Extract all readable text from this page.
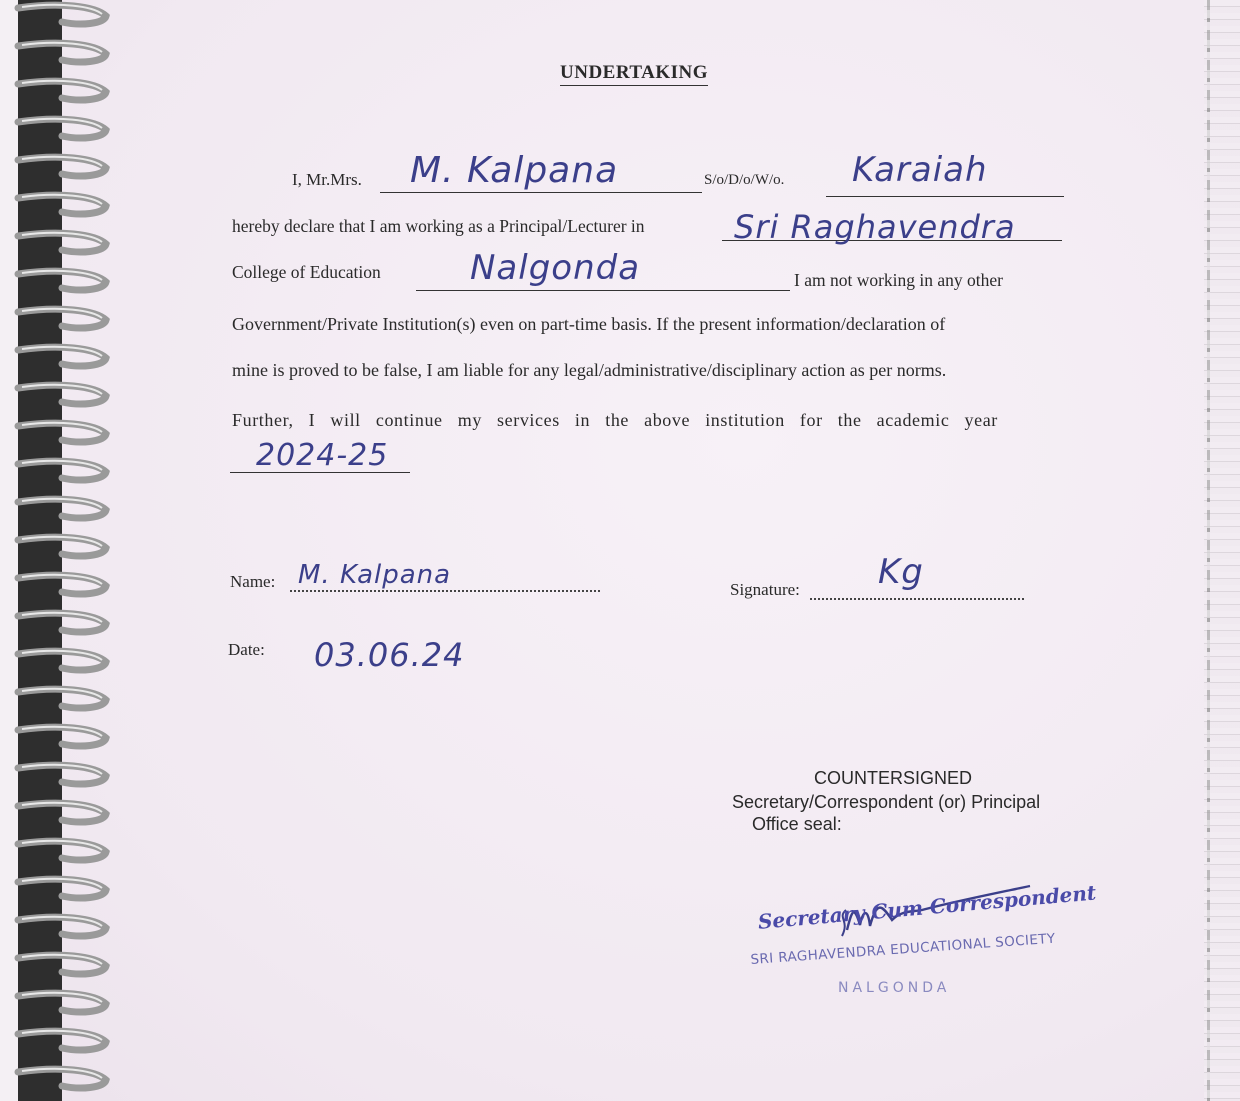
UNDERTAKING
I, Mr.Mrs. M. Kalpana	S/o/D/o/W/o. Karaiah
hereby declare that I am working as a Principal/Lecturer in	Sri Raghavendra
College of Education	Nalgonda	I am not working in any other
Government/Private Institution(s) even on part-time basis. If the present information/declaration of
mine is proved to be false, I am liable for any legal/administrative/disciplinary action as per norms.
Further, I will continue my services in the above institution for the academic year
2024-25
Name: M. Kalpana	Signature: Kg
Date: 03.06.24
COUNTERSIGNED
Secretary/Correspondent (or) Principal
Office seal:
Secretary Cum Correspondent
SRI RAGHAVENDRA EDUCATIONAL SOCIETY
NALGONDA
